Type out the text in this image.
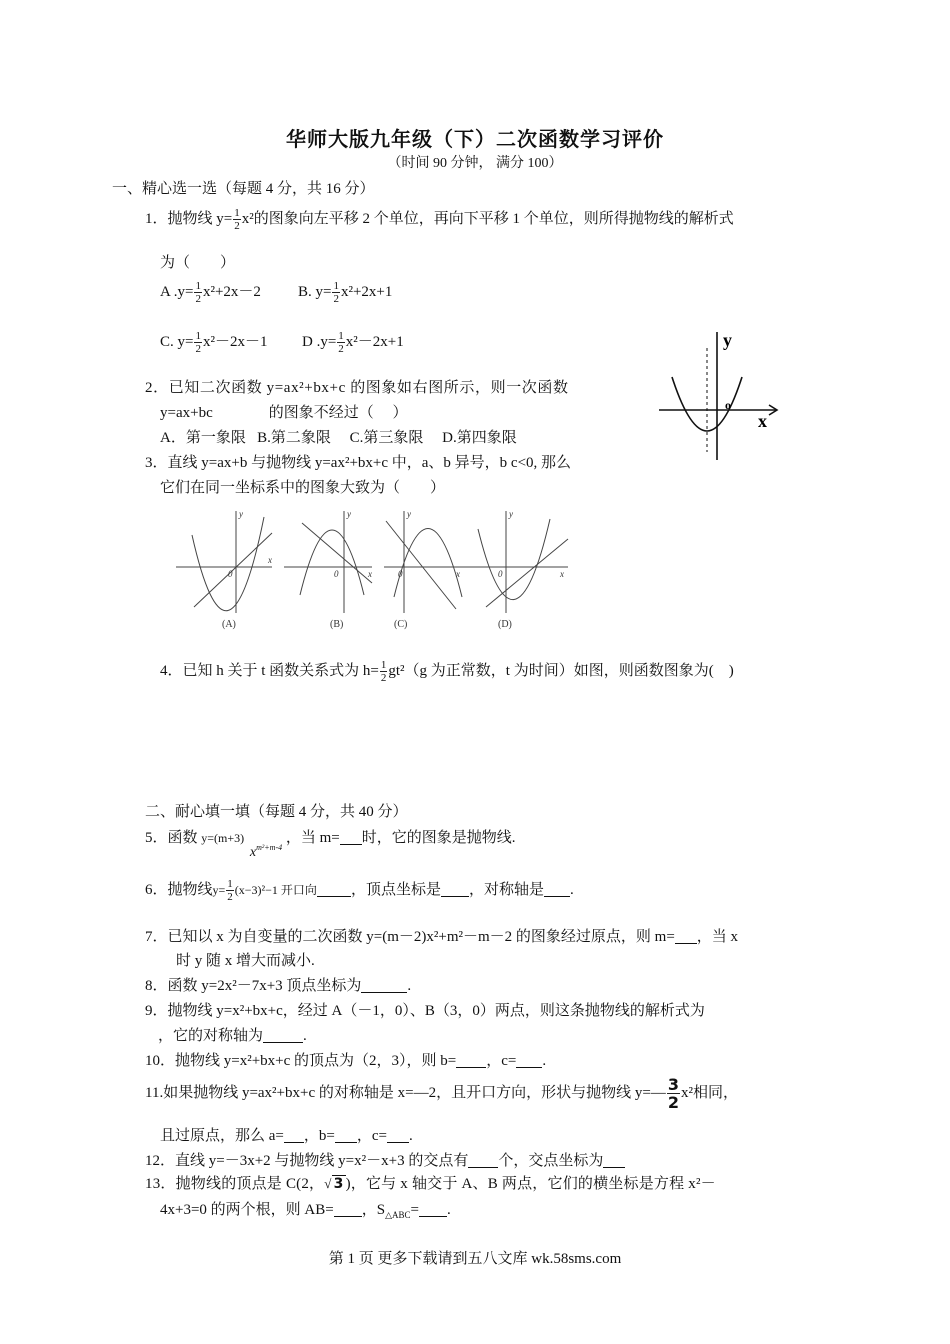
华师大版九年级（下）二次函数学习评价
（时间 90 分钟， 满分 100）
一、精心选一选（每题 4 分，共 16 分）
1．抛物线 $y= \frac{1}{2} x^2$的图象向左平移 2 个单位，再向下平移 1 个单位，则所得抛物线的解析式
为（　　）
A $.y= \frac{1}{2} x^2+2x-2$ B. $y= \frac{1}{2} x^2+2x+1$
C. $y= \frac{1}{2} x^2-2x-1$ D $.y= \frac{1}{2} x^2-2x+1$
2．已知二次函数 y=ax²+bx+c 的图象如右图所示，则一次函数
y=ax+bc	的图象不经过（　 ）
A．第一象限 B.第二象限 C.第三象限 D.第四象限
y
x
o
3．直线 y=ax+b 与抛物线 y=ax²+bx+c 中，a、b 异号，b c<0, 那么
它们在同一坐标系中的图象大致为（　　）
y
x
0
y
x
0
y
x
0
y
x
0
(A)	(B)	(C)	(D)
4．已知 h 关于 t 函数关系式为 $h= \frac{1}{2} gt^2(g$ 为正常数，t 为时间）如图，则函数图象为(　)
二、耐心填一填（每题 4 分，共 40 分）
5．函数 y=(m+3) $x^{m^2+m-4}$ ，当 m= 时，它的图象是抛物线.
6．抛物线$y= \frac{1}{2} (x-3)^2-1$ 开口向 ，顶点坐标是 ，对称轴是 .
7．已知以 x 为自变量的二次函数 y=(m－2)x²+m²－m－2 的图象经过原点，则 m= ，当 x
时 y 随 x 增大而减小.
8．函数 y=2x²－7x+3 顶点坐标为	.
9．抛物线 y=x²+bx+c，经过 A（－1，0）、B（3，0）两点，则这条抛物线的解析式为
，它的对称轴为	.
10．抛物线 y=x²+bx+c 的顶点为（2，3），则 b= ，c= .
11.如果抛物线 y=ax²+bx+c 的对称轴是 x=—2，且开口方向，形状与抛物线 y=— $\frac{3}{2} x^2$相同，
且过原点，那么 a= ，b= ，c= .
12．直线 y=－3x+2 与抛物线 y=x²－x+3 的交点有 个，交点坐标为
13．抛物线的顶点是 C(2，√ 3 )，它与 x 轴交于 A、B 两点，它们的横坐标是方程 x²－
4x+3=0 的两个根，则 AB= ，$S_{\triangle ABC}=$ .
第 1 页 更多下载请到五八文库 wk.58sms.com
